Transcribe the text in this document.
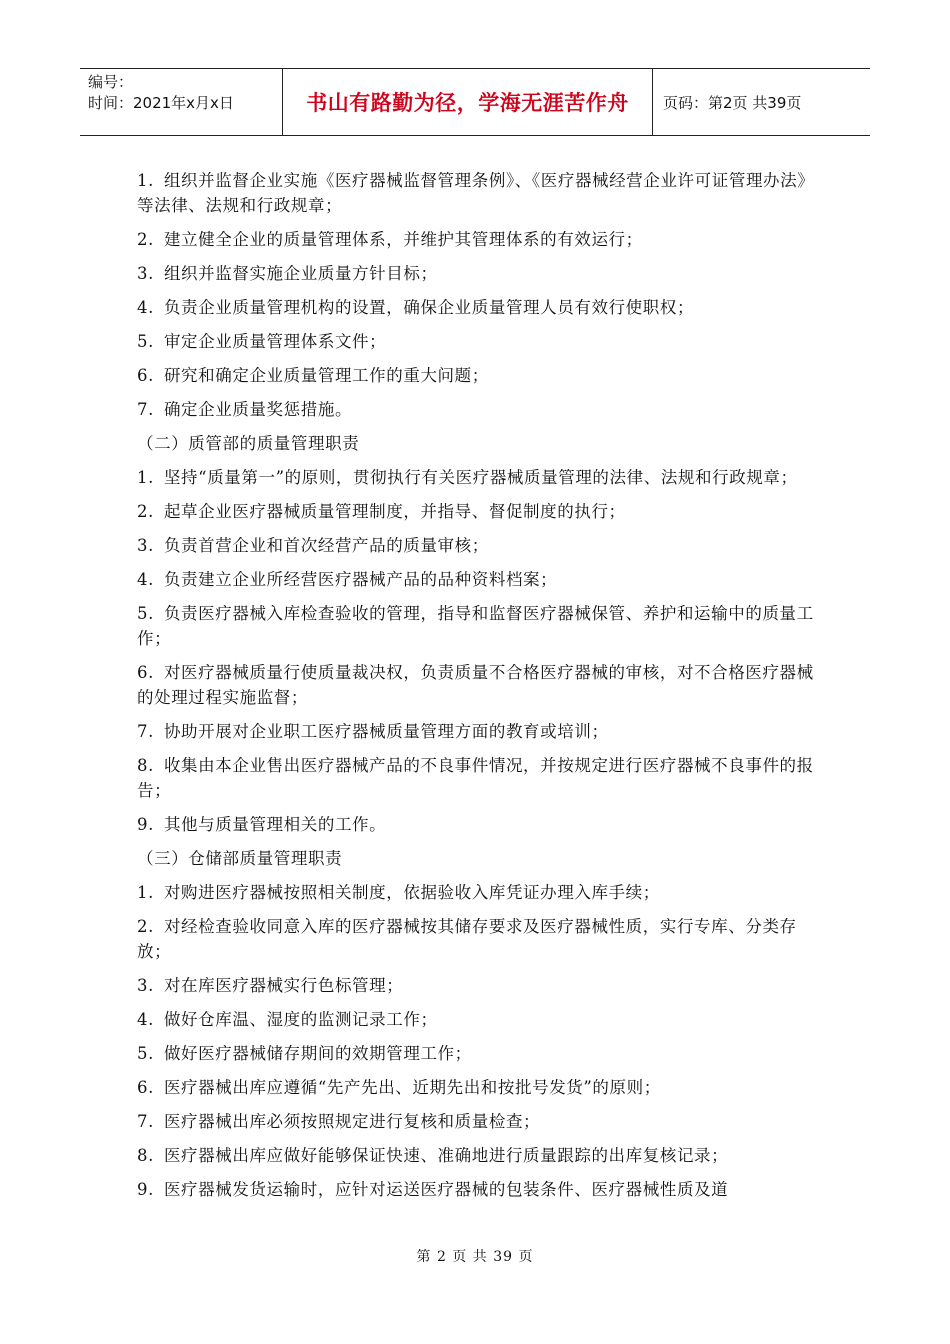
编号：
时间：2021年x月x日	书山有路勤为径，学海无涯苦作舟	页码：第2页 共39页

1. 组织并监督企业实施《医疗器械监督管理条例》、《医疗器械经营企业许可证管理办法》等法律、法规和行政规章；

2. 建立健全企业的质量管理体系，并维护其管理体系的有效运行；

3. 组织并监督实施企业质量方针目标；

4. 负责企业质量管理机构的设置，确保企业质量管理人员有效行使职权；

5. 审定企业质量管理体系文件；

6. 研究和确定企业质量管理工作的重大问题；

7. 确定企业质量奖惩措施。

（二）质管部的质量管理职责

1. 坚持“质量第一”的原则，贯彻执行有关医疗器械质量管理的法律、法规和行政规章；

2. 起草企业医疗器械质量管理制度，并指导、督促制度的执行；

3. 负责首营企业和首次经营产品的质量审核；

4. 负责建立企业所经营医疗器械产品的品种资料档案；

5. 负责医疗器械入库检查验收的管理，指导和监督医疗器械保管、养护和运输中的质量工作；

6. 对医疗器械质量行使质量裁决权，负责质量不合格医疗器械的审核，对不合格医疗器械的处理过程实施监督；

7. 协助开展对企业职工医疗器械质量管理方面的教育或培训；

8. 收集由本企业售出医疗器械产品的不良事件情况，并按规定进行医疗器械不良事件的报告；

9. 其他与质量管理相关的工作。

（三）仓储部质量管理职责

1. 对购进医疗器械按照相关制度，依据验收入库凭证办理入库手续；

2. 对经检查验收同意入库的医疗器械按其储存要求及医疗器械性质，实行专库、分类存放；

3. 对在库医疗器械实行色标管理；

4. 做好仓库温、湿度的监测记录工作；

5. 做好医疗器械储存期间的效期管理工作；

6. 医疗器械出库应遵循“先产先出、近期先出和按批号发货”的原则；

7. 医疗器械出库必须按照规定进行复核和质量检查；

8. 医疗器械出库应做好能够保证快速、准确地进行质量跟踪的出库复核记录；

9. 医疗器械发货运输时，应针对运送医疗器械的包装条件、医疗器械性质及道

第 2 页 共 39 页
